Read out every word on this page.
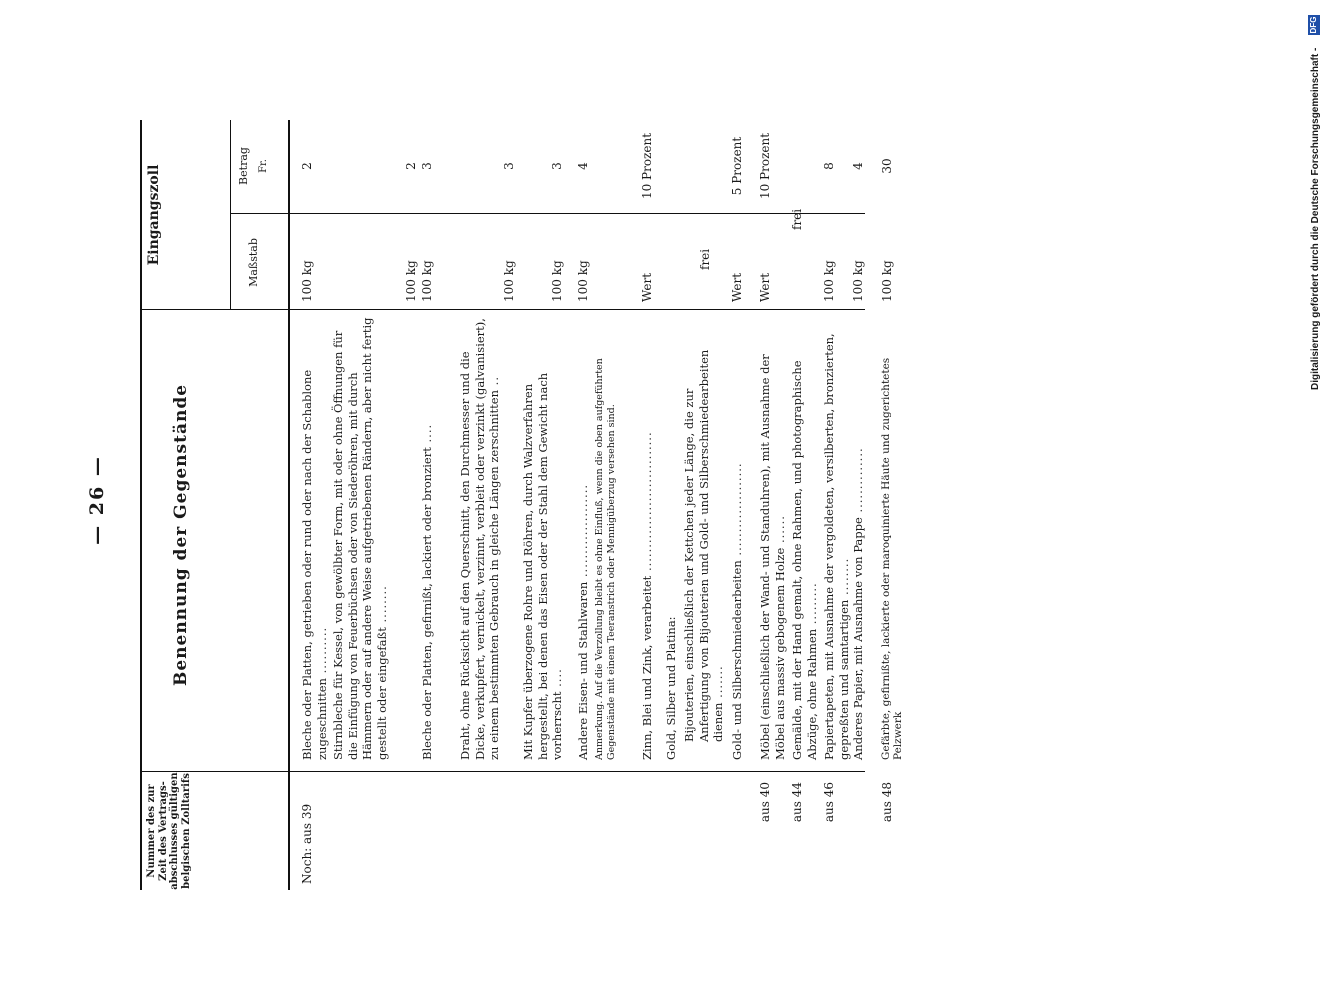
— 26 —
Nummer des zur Zeit des Vertrags-abschlusses gültigen belgischen Zolltarifs
Benennung der Gegenstände
Eingangszoll	Maßstab
Betrag Fr.
Noch: aus 39
Bleche oder Platten, getrieben oder rund oder nach der Schablone zugeschnitten ..........
100 kg
2
Stirnbleche für Kessel, von gewölbter Form, mit oder ohne Öffnungen für die Einfügung von Feuerbüchsen oder von Siederöhren, mit durch Hämmern oder auf andere Weise aufgetriebenen Rändern, aber nicht fertig gestellt oder eingefaßt ........
100 kg
2
Bleche oder Platten, gefirnißt, lackiert oder bronziert ....
100 kg
3
Draht, ohne Rücksicht auf den Querschnitt, den Durchmesser und die Dicke, verkupfert, vernickelt, verzinnt, verbleit oder verzinkt (galvanisiert), zu einem bestimmten Gebrauch in gleiche Längen zerschnitten ..
100 kg
3
Mit Kupfer überzogene Rohre und Röhren, durch Walzverfahren hergestellt, bei denen das Eisen oder der Stahl dem Gewicht nach vorherrscht ....
100 kg
3
Andere Eisen- und Stahlwaren ....................
100 kg
4
Anmerkung. Auf die Verzollung bleibt es ohne Einfluß, wenn die oben aufgeführten Gegenstände mit einem Teeranstrich oder Mennigüberzug versehen sind. Zinn, Blei und Zink, verarbeitet ..............................
Wert
10 Prozent
Gold, Silber und Platina: Bijouterien, einschließlich der Kettchen jeder Länge, die zur Anfertigung von Bijouterien und Gold- und Silberschmiedearbeiten dienen .......
frei
Gold- und Silberschmiedearbeiten ....................
Wert
5 Prozent
aus 40
Möbel (einschließlich der Wand- und Standuhren), mit Ausnahme der Möbel aus massiv gebogenem Holze ......
Wert
10 Prozent
aus 44
Gemälde, mit der Hand gemalt, ohne Rahmen, und photographische Abzüge, ohne Rahmen .........
frei
aus 46
Papiertapeten, mit Ausnahme der vergoldeten, versilberten, bronzierten, gepreßten und samtartigen ........
100 kg
8
Anderes Papier, mit Ausnahme von Pappe ..............
100 kg
4
aus 48
Gefärbte, gefirnißte, lackierte oder maroquinierte Häute und zugerichtetes Pelzwerk
100 kg
30	Digitalisierung gefördert durch die Deutsche Forschungsgemeinschaft -
DFG
